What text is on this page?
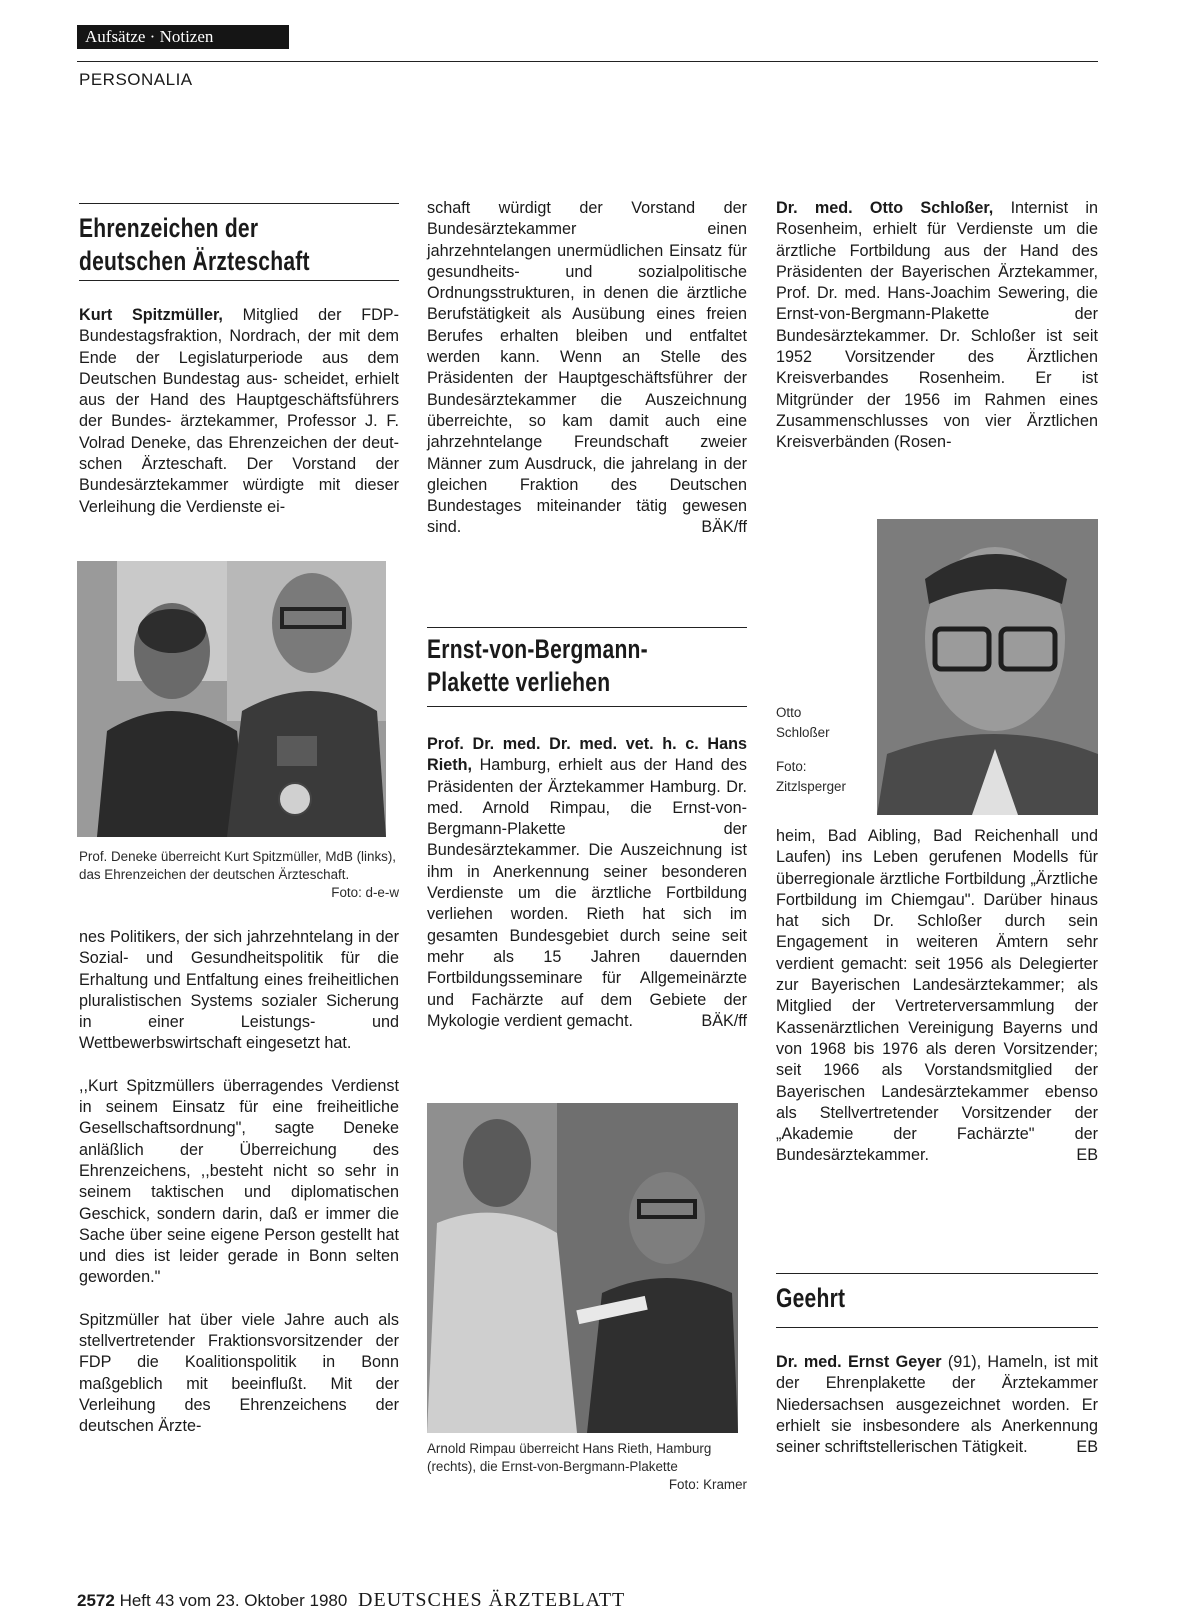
Aufsätze · Notizen
PERSONALIA
Ehrenzeichen der
deutschen Ärzteschaft

Kurt Spitzmüller, Mitglied der FDP-Bundestagsfraktion, Nordrach, der mit dem Ende der Legislaturperiode aus dem Deutschen Bundestag aus- scheidet, erhielt aus der Hand des Hauptgeschäftsführers der Bundes- ärztekammer, Professor J. F. Volrad Deneke, das Ehrenzeichen der deut- schen Ärzteschaft. Der Vorstand der Bundesärztekammer würdigte mit dieser Verleihung die Verdienste ei-

Prof. Deneke überreicht Kurt Spitzmüller, MdB (links), das Ehrenzeichen der deutschen Ärzteschaft.
Foto: d-e-w

nes Politikers, der sich jahrzehntelang in der Sozial- und Gesundheitspolitik für die Erhaltung und Entfaltung eines freiheitlichen pluralistischen Systems sozialer Sicherung in einer Leistungs- und Wettbewerbswirtschaft eingesetzt hat.

,,Kurt Spitzmüllers überragendes Verdienst in seinem Einsatz für eine freiheitliche Gesellschaftsordnung", sagte Deneke anläßlich der Überreichung des Ehrenzeichens, ,,besteht nicht so sehr in seinem taktischen und diplomatischen Geschick, sondern darin, daß er immer die Sache über seine eigene Person gestellt hat und dies ist leider gerade in Bonn selten geworden."

Spitzmüller hat über viele Jahre auch als stellvertretender Fraktionsvorsitzender der FDP die Koalitionspolitik in Bonn maßgeblich mit beeinflußt. Mit der Verleihung des Ehrenzeichens der deutschen Ärzte-

schaft würdigt der Vorstand der Bundesärztekammer einen jahrzehntelangen unermüdlichen Einsatz für gesundheits- und sozialpolitische Ordnungsstrukturen, in denen die ärztliche Berufstätigkeit als Ausübung eines freien Berufes erhalten bleiben und entfaltet werden kann. Wenn an Stelle des Präsidenten der Hauptgeschäftsführer der Bundesärztekammer die Auszeichnung überreichte, so kam damit auch eine jahrzehntelange Freundschaft zweier Männer zum Ausdruck, die jahrelang in der gleichen Fraktion des Deutschen Bundestages miteinander tätig gewesen sind.	BÄK/ff

Ernst-von-Bergmann-
Plakette verliehen

Prof. Dr. med. Dr. med. vet. h. c. Hans Rieth, Hamburg, erhielt aus der Hand des Präsidenten der Ärztekammer Hamburg. Dr. med. Arnold Rimpau, die Ernst-von-Bergmann-Plakette der Bundesärztekammer. Die Auszeichnung ist ihm in Anerkennung seiner besonderen Verdienste um die ärztliche Fortbildung verliehen worden. Rieth hat sich im gesamten Bundesgebiet durch seine seit mehr als 15 Jahren dauernden Fortbildungsseminare für Allgemeinärzte und Fachärzte auf dem Gebiete der Mykologie verdient gemacht.	BÄK/ff

Arnold Rimpau überreicht Hans Rieth, Hamburg (rechts), die Ernst-von-Bergmann-Plakette
Foto: Kramer

Dr. med. Otto Schloßer, Internist in Rosenheim, erhielt für Verdienste um die ärztliche Fortbildung aus der Hand des Präsidenten der Bayerischen Ärztekammer, Prof. Dr. med. Hans-Joachim Sewering, die Ernst-von-Bergmann-Plakette der Bundesärztekammer. Dr. Schloßer ist seit 1952 Vorsitzender des Ärztlichen Kreisverbandes Rosenheim. Er ist Mitgründer der 1956 im Rahmen eines Zusammenschlusses von vier Ärztlichen Kreisverbänden (Rosen-

Otto Schloßer
Foto: Zitzlsperger

heim, Bad Aibling, Bad Reichenhall und Laufen) ins Leben gerufenen Modells für überregionale ärztliche Fortbildung „Ärztliche Fortbildung im Chiemgau". Darüber hinaus hat sich Dr. Schloßer durch sein Engagement in weiteren Ämtern sehr verdient gemacht: seit 1956 als Delegierter zur Bayerischen Landesärztekammer; als Mitglied der Vertreterversammlung der Kassenärztlichen Vereinigung Bayerns und von 1968 bis 1976 als deren Vorsitzender; seit 1966 als Vorstandsmitglied der Bayerischen Landesärztekammer ebenso als Stellvertretender Vorsitzender der „Akademie der Fachärzte" der Bundesärztekammer.	EB

Geehrt

Dr. med. Ernst Geyer (91), Hameln, ist mit der Ehrenplakette der Ärztekammer Niedersachsen ausgezeichnet worden. Er erhielt sie insbesondere als Anerkennung seiner schriftstellerischen Tätigkeit.	EB

2572 Heft 43 vom 23. Oktober 1980 DEUTSCHES ÄRZTEBLATT
